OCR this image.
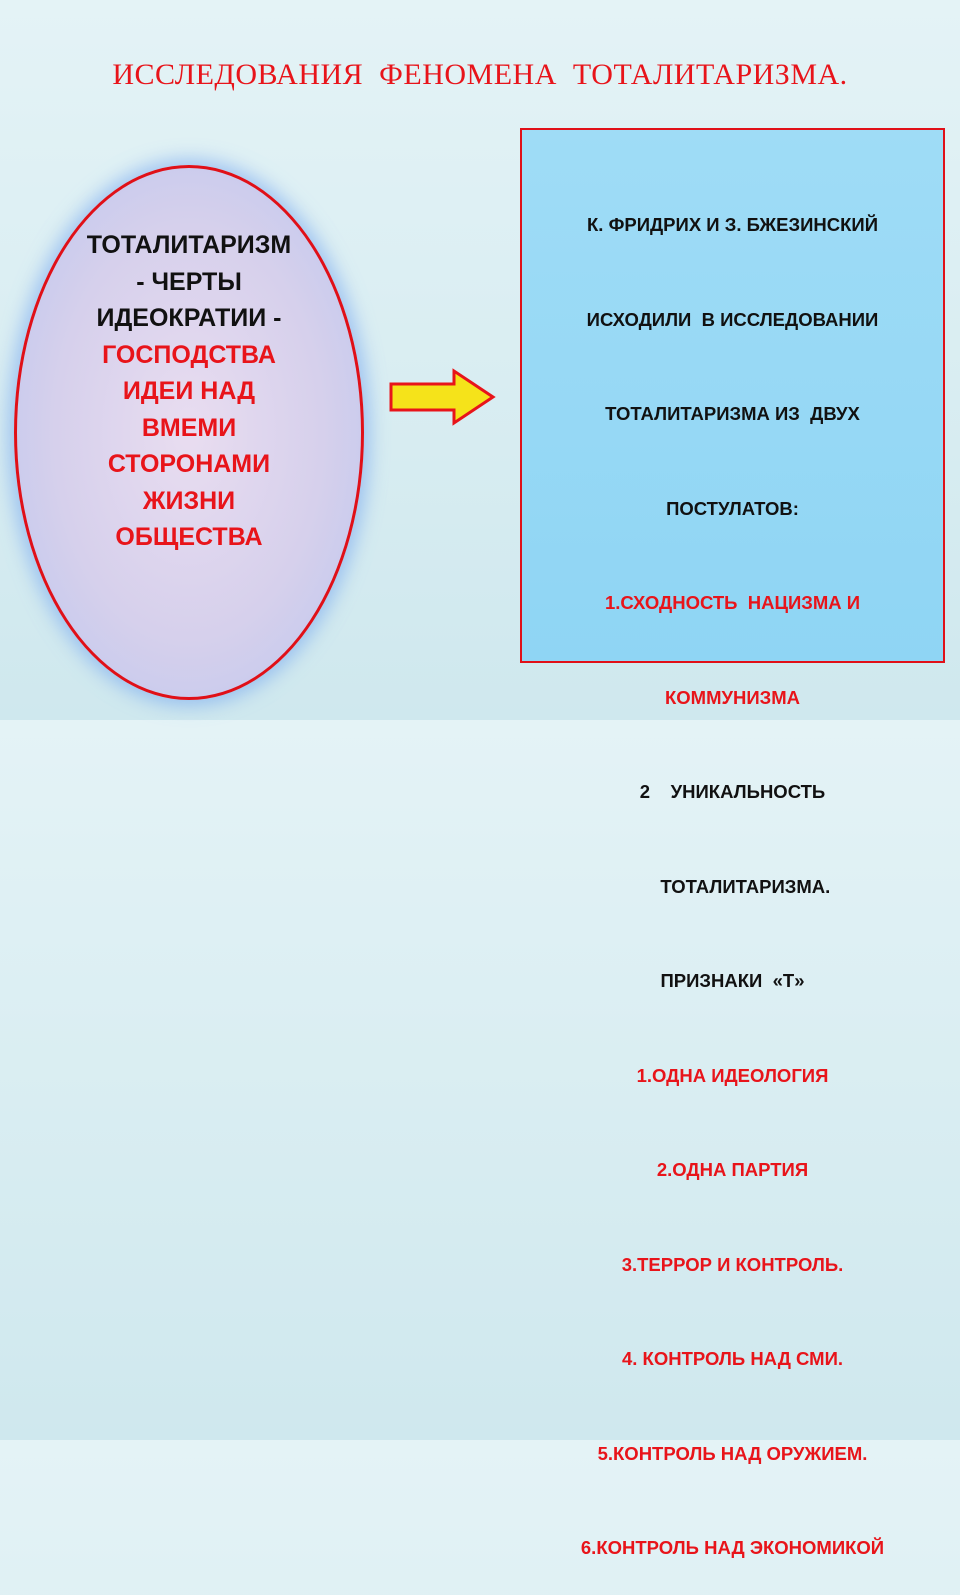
ИССЛЕДОВАНИЯ  ФЕНОМЕНА  ТОТАЛИТАРИЗМА.
ТОТАЛИТАРИЗМ
- ЧЕРТЫ
ИДЕОКРАТИИ -
ГОСПОДСТВА
ИДЕИ НАД
ВМЕМИ
СТОРОНАМИ
ЖИЗНИ
ОБЩЕСТВА

К. ФРИДРИХ И З. БЖЕЗИНСКИЙ

ИСХОДИЛИ  В ИССЛЕДОВАНИИ

ТОТАЛИТАРИЗМА ИЗ  ДВУХ

ПОСТУЛАТОВ:

1.СХОДНОСТЬ  НАЦИЗМА И

КОММУНИЗМА

2    УНИКАЛЬНОСТЬ

ТОТАЛИТАРИЗМА.

ПРИЗНАКИ  «Т»

1.ОДНА ИДЕОЛОГИЯ

2.ОДНА ПАРТИЯ

3.ТЕРРОР И КОНТРОЛЬ.

4. КОНТРОЛЬ НАД СМИ.

5.КОНТРОЛЬ НАД ОРУЖИЕМ.

6.КОНТРОЛЬ НАД ЭКОНОМИКОЙ
